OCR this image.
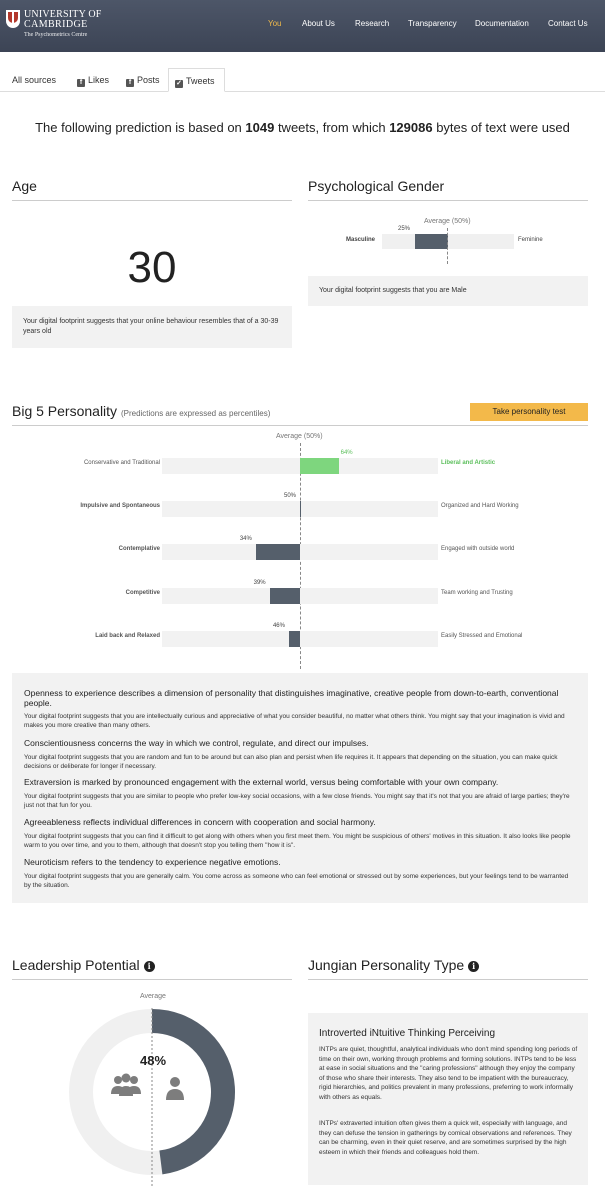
UNIVERSITY OF
CAMBRIDGE
The Psychometrics Centre
You	About Us	Research Transparency Documentation Contact Us
All sources	f Likes	f Posts	✓ Tweets
The following prediction is based on 1049 tweets, from which 129086 bytes of text were used
Age
30
Your digital footprint suggests that your online behaviour resembles that of a 30-39 years old
Psychological Gender
Average (50%)
25%
Masculine	Feminine
Your digital footprint suggests that you are Male
Big 5 Personality (Predictions are expressed as percentiles)	Take personality test
Average (50%)
Conservative and Traditional
64%
Liberal and Artistic
Impulsive and Spontaneous
50%
Organized and Hard Working
Contemplative
34%
Engaged with outside world
Competitive
39%
Team working and Trusting
Laid back and Relaxed
46%
Easily Stressed and Emotional
Openness to experience describes a dimension of personality that distinguishes imaginative, creative people from down-to-earth, conventional people.
Your digital footprint suggests that you are intellectually curious and appreciative of what you consider beautiful, no matter what others think. You might say that your imagination is vivid and makes you more creative than many others.
Conscientiousness concerns the way in which we control, regulate, and direct our impulses.
Your digital footprint suggests that you are random and fun to be around but can also plan and persist when life requires it. It appears that depending on the situation, you can make quick decisions or deliberate for longer if necessary.
Extraversion is marked by pronounced engagement with the external world, versus being comfortable with your own company.
Your digital footprint suggests that you are similar to people who prefer low-key social occasions, with a few close friends. You might say that it's not that you are afraid of large parties; they're just not that fun for you.
Agreeableness reflects individual differences in concern with cooperation and social harmony.
Your digital footprint suggests that you can find it difficult to get along with others when you first meet them. You might be suspicious of others' motives in this situation. It also looks like people warm to you over time, and you to them, although that doesn't stop you telling them "how it is".
Neuroticism refers to the tendency to experience negative emotions.
Your digital footprint suggests that you are generally calm. You come across as someone who can feel emotional or stressed out by some experiences, but your feelings tend to be warranted by the situation.
Leadership Potential i
Average
48%
Jungian Personality Type i
Introverted iNtuitive Thinking Perceiving
INTPs are quiet, thoughtful, analytical individuals who don't mind spending long periods of time on their own, working through problems and forming solutions. INTPs tend to be less at ease in social situations and the "caring professions" although they enjoy the company of those who share their interests. They also tend to be impatient with the bureaucracy, rigid hierarchies, and politics prevalent in many professions, preferring to work informally with others as equals.
INTPs' extraverted intuition often gives them a quick wit, especially with language, and they can defuse the tension in gatherings by comical observations and references. They can be charming, even in their quiet reserve, and are sometimes surprised by the high esteem in which their friends and colleagues hold them.
